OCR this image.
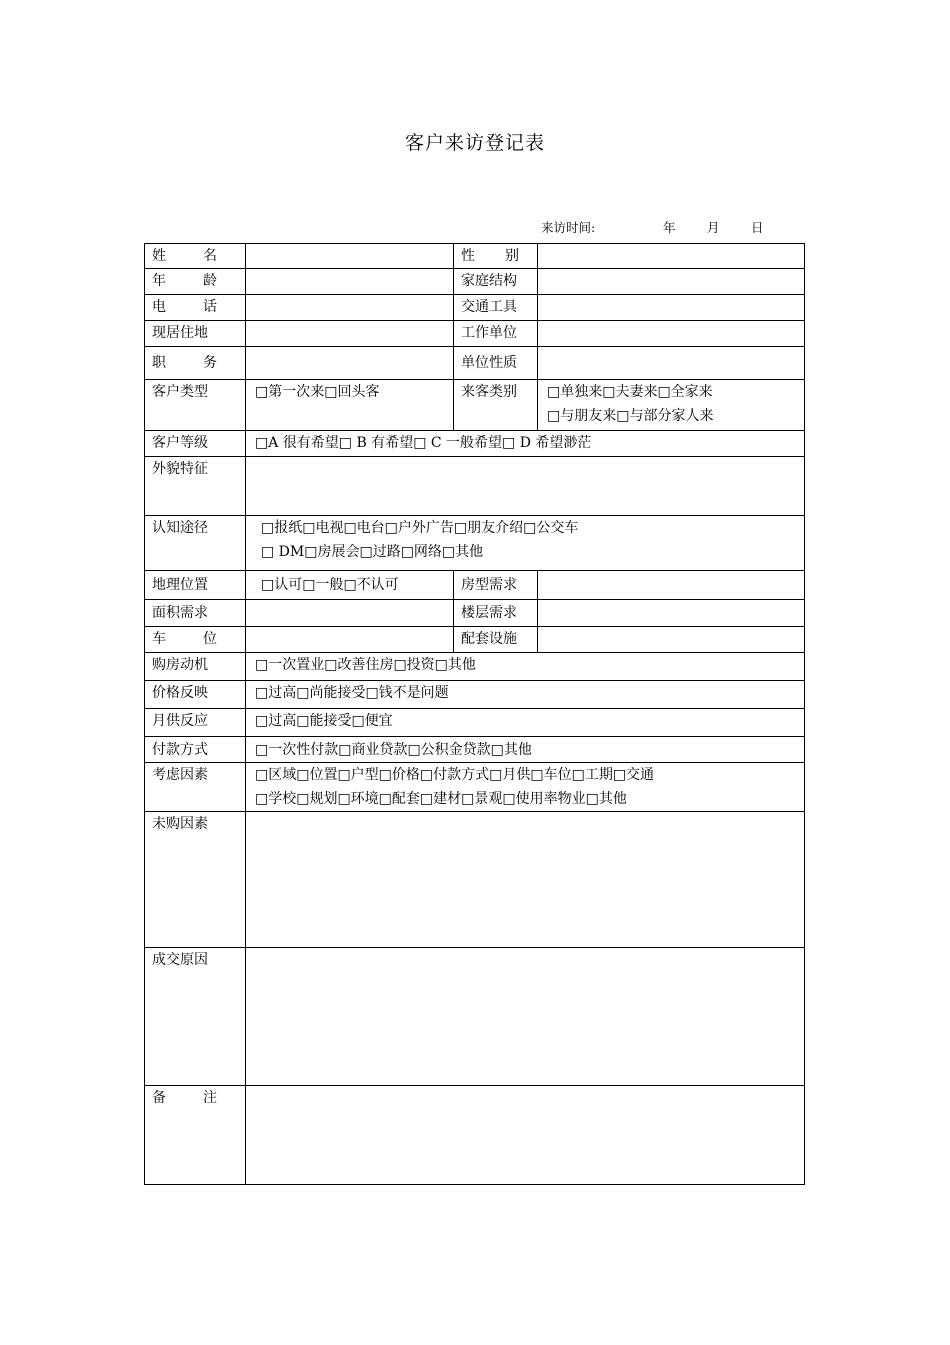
客户来访登记表
来访时间:	年	月	日
姓 名		性 别	

年 龄		家庭结构	

电 话		交通工具	
现居住地		工作单位	

职 务		单位性质	
客户类型	□第一次来□回头客	来客类别	□单独来□夫妻来□全家来
□与朋友来□与部分家人来

客户等级	□A 很有希望□ B 有希望□ C 一般希望□ D 希望渺茫		
外貌特征			
认知途径	□报纸□电视□电台□户外广告□朋友介绍□公交车
□ DM□房展会□过路□网络□其他		

地理位置	□认可□一般□不认可	房型需求	
面积需求		楼层需求	

车 位		配套设施	
购房动机	□一次置业□改善住房□投资□其他		
价格反映	□过高□尚能接受□钱不是问题		
月供反应	□过高□能接受□便宜		
付款方式	□一次性付款□商业贷款□公积金贷款□其他		
考虑因素	□区域□位置□户型□价格□付款方式□月供□车位□工期□交通
□学校□规划□环境□配套□建材□景观□使用率物业□其他		

未购因素			
成交原因			

备 注			
